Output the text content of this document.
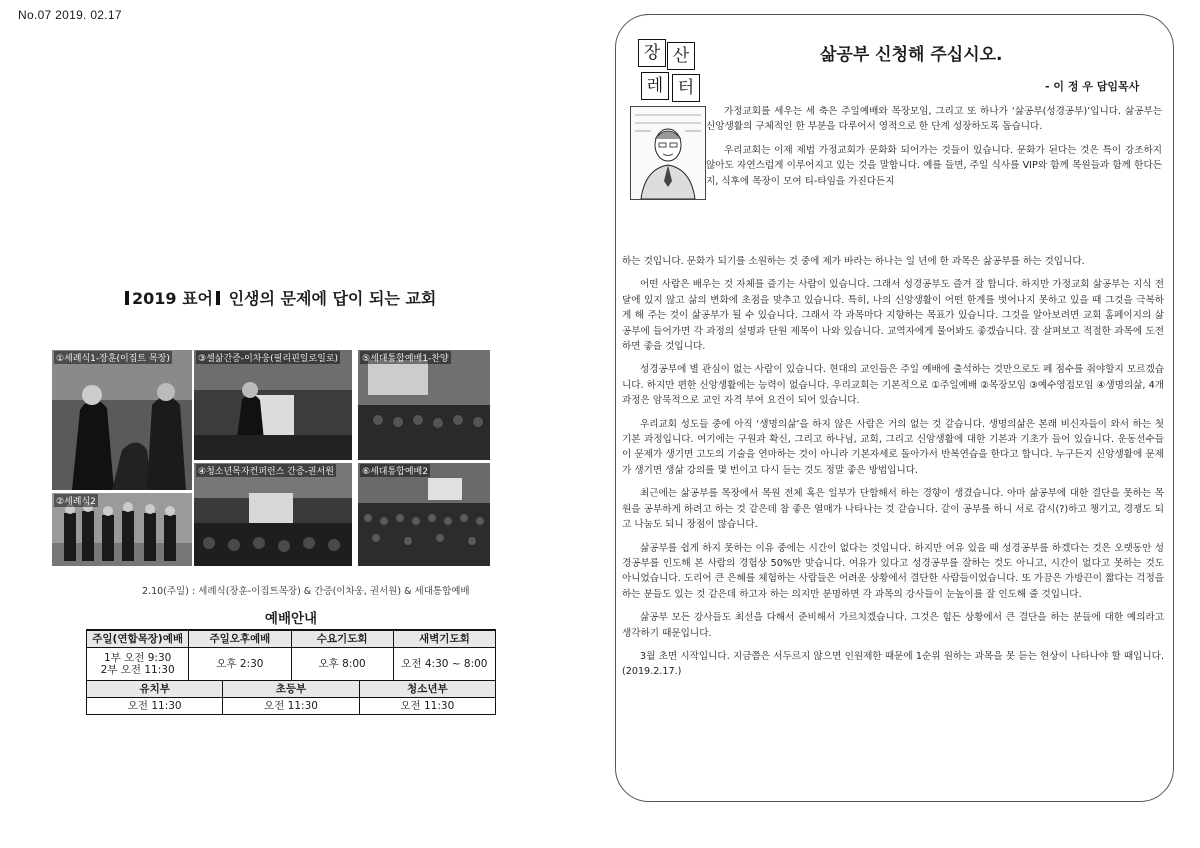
No.07 2019. 02.17
2019 표어 인생의 문제에 답이 되는 교회
①세례식1-장훈(이집트 목장)	③셀삶간증-이차웅(필리핀일로일로)	⑤세대통합예배1-찬양
④청소년목자컨퍼런스 간증-권서원	⑥세대통합예배2
②세례식2
2.10(주일) : 세례식(장훈-이집트목장) & 간증(이차웅, 권서원) & 세대통합예배
예배안내
주일(연합목장)예배	주일오후예배	수요기도회	새벽기도회
1부 오전 9:30
2부 오전 11:30	오후 2:30	오후 8:00	오전 4:30 ~ 8:00
유치부	초등부	청소년부
오전 11:30	오전 11:30	오전 11:30
장 산
레 터
삶공부 신청해 주십시오.
- 이 정 우 담임목사

가정교회를 세우는 세 축은 주일예배와 목장모임, 그리고 또 하나가 ‘삶공부(성경공부)’입니다. 삶공부는 신앙생활의 구체적인 한 부분을 다루어서 영적으로 한 단계 성장하도록 돕습니다.

우리교회는 이제 제법 가정교회가 문화화 되어가는 것들이 있습니다. 문화가 된다는 것은 특이 강조하지 않아도 자연스럽게 이루어지고 있는 것을 말합니다. 예를 들면, 주일 식사를 VIP와 함께 목원들과 함께 한다든지, 식후에 목장이 모여 티-타임을 가진다든지

하는 것입니다. 문화가 되기를 소원하는 것 중에 제가 바라는 하나는 일 년에 한 과목은 삶공부를 하는 것입니다.

어떤 사람은 배우는 것 자체를 즐기는 사람이 있습니다. 그래서 성경공부도 즐겨 잘 합니다. 하지만 가정교회 삶공부는 지식 전달에 있지 않고 삶의 변화에 초점을 맞추고 있습니다. 특히, 나의 신앙생활이 어떤 한계를 벗어나지 못하고 있을 때 그것을 극복하게 해 주는 것이 삶공부가 될 수 있습니다. 그래서 각 과목마다 지향하는 목표가 있습니다. 그것을 알아보려면 교회 홈페이지의 삶공부에 들어가면 각 과정의 설명과 단원 제목이 나와 있습니다. 교역자에게 물어봐도 좋겠습니다. 잘 살펴보고 적절한 과목에 도전하면 좋을 것입니다.

성경공부에 별 관심이 없는 사람이 있습니다. 현대의 교인들은 주일 예배에 출석하는 것만으로도 페 점수를 줘야할지 모르겠습니다. 하지만 편한 신앙생활에는 능력이 없습니다. 우리교회는 기본적으로 ①주일예배 ②목장모임 ③예수영접모임 ④생명의삶, 4개 과정은 암묵적으로 교인 자격 부여 요건이 되어 있습니다.

우리교회 성도들 중에 아직 ‘생명의삶’을 하지 않은 사람은 거의 없는 것 같습니다. 생명의삶은 본래 비신자들이 와서 하는 첫 기본 과정입니다. 여기에는 구원과 확신, 그리고 하나님, 교회, 그리고 신앙생활에 대한 기본과 기초가 들어 있습니다. 운동선수들이 문제가 생기면 고도의 기술을 연마하는 것이 아니라 기본자세로 돌아가서 반복연습을 한다고 합니다. 누구든지 신앙생활에 문제가 생기면 생삶 강의를 몇 번이고 다시 듣는 것도 정말 좋은 방법입니다.

최근에는 삶공부를 목장에서 목원 전체 혹은 일부가 단합해서 하는 경향이 생겼습니다. 아마 삶공부에 대한 결단을 못하는 목원을 공부하게 하려고 하는 것 같은데 참 좋은 열매가 나타나는 것 같습니다. 같이 공부를 하니 서로 감시(?)하고 챙기고, 경쟁도 되고 나눔도 되니 장점이 많습니다.

삶공부를 쉽게 하지 못하는 이유 중에는 시간이 없다는 것입니다. 하지만 여유 있을 때 성경공부를 하겠다는 것은 오랫동안 성경공부를 인도해 본 사람의 경험상 50%만 맞습니다. 여유가 있다고 성경공부를 잘하는 것도 아니고, 시간이 없다고 못하는 것도 아니었습니다. 도리어 큰 은혜를 체험하는 사람들은 어려운 상황에서 결단한 사람들이었습니다. 또 가끔은 가방끈이 짧다는 걱정을 하는 분들도 있는 것 같은데 하고자 하는 의지만 분명하면 각 과목의 강사들이 눈높이를 잘 인도해 줄 것입니다.

삶공부 모든 강사들도 최선을 다해서 준비해서 가르치겠습니다. 그것은 힘든 상황에서 큰 결단을 하는 분들에 대한 예의라고 생각하기 때문입니다.

3월 초면 시작입니다. 지금쯤은 서두르지 않으면 인원제한 때문에 1순위 원하는 과목을 못 듣는 현상이 나타나야 할 때입니다.(2019.2.17.)
